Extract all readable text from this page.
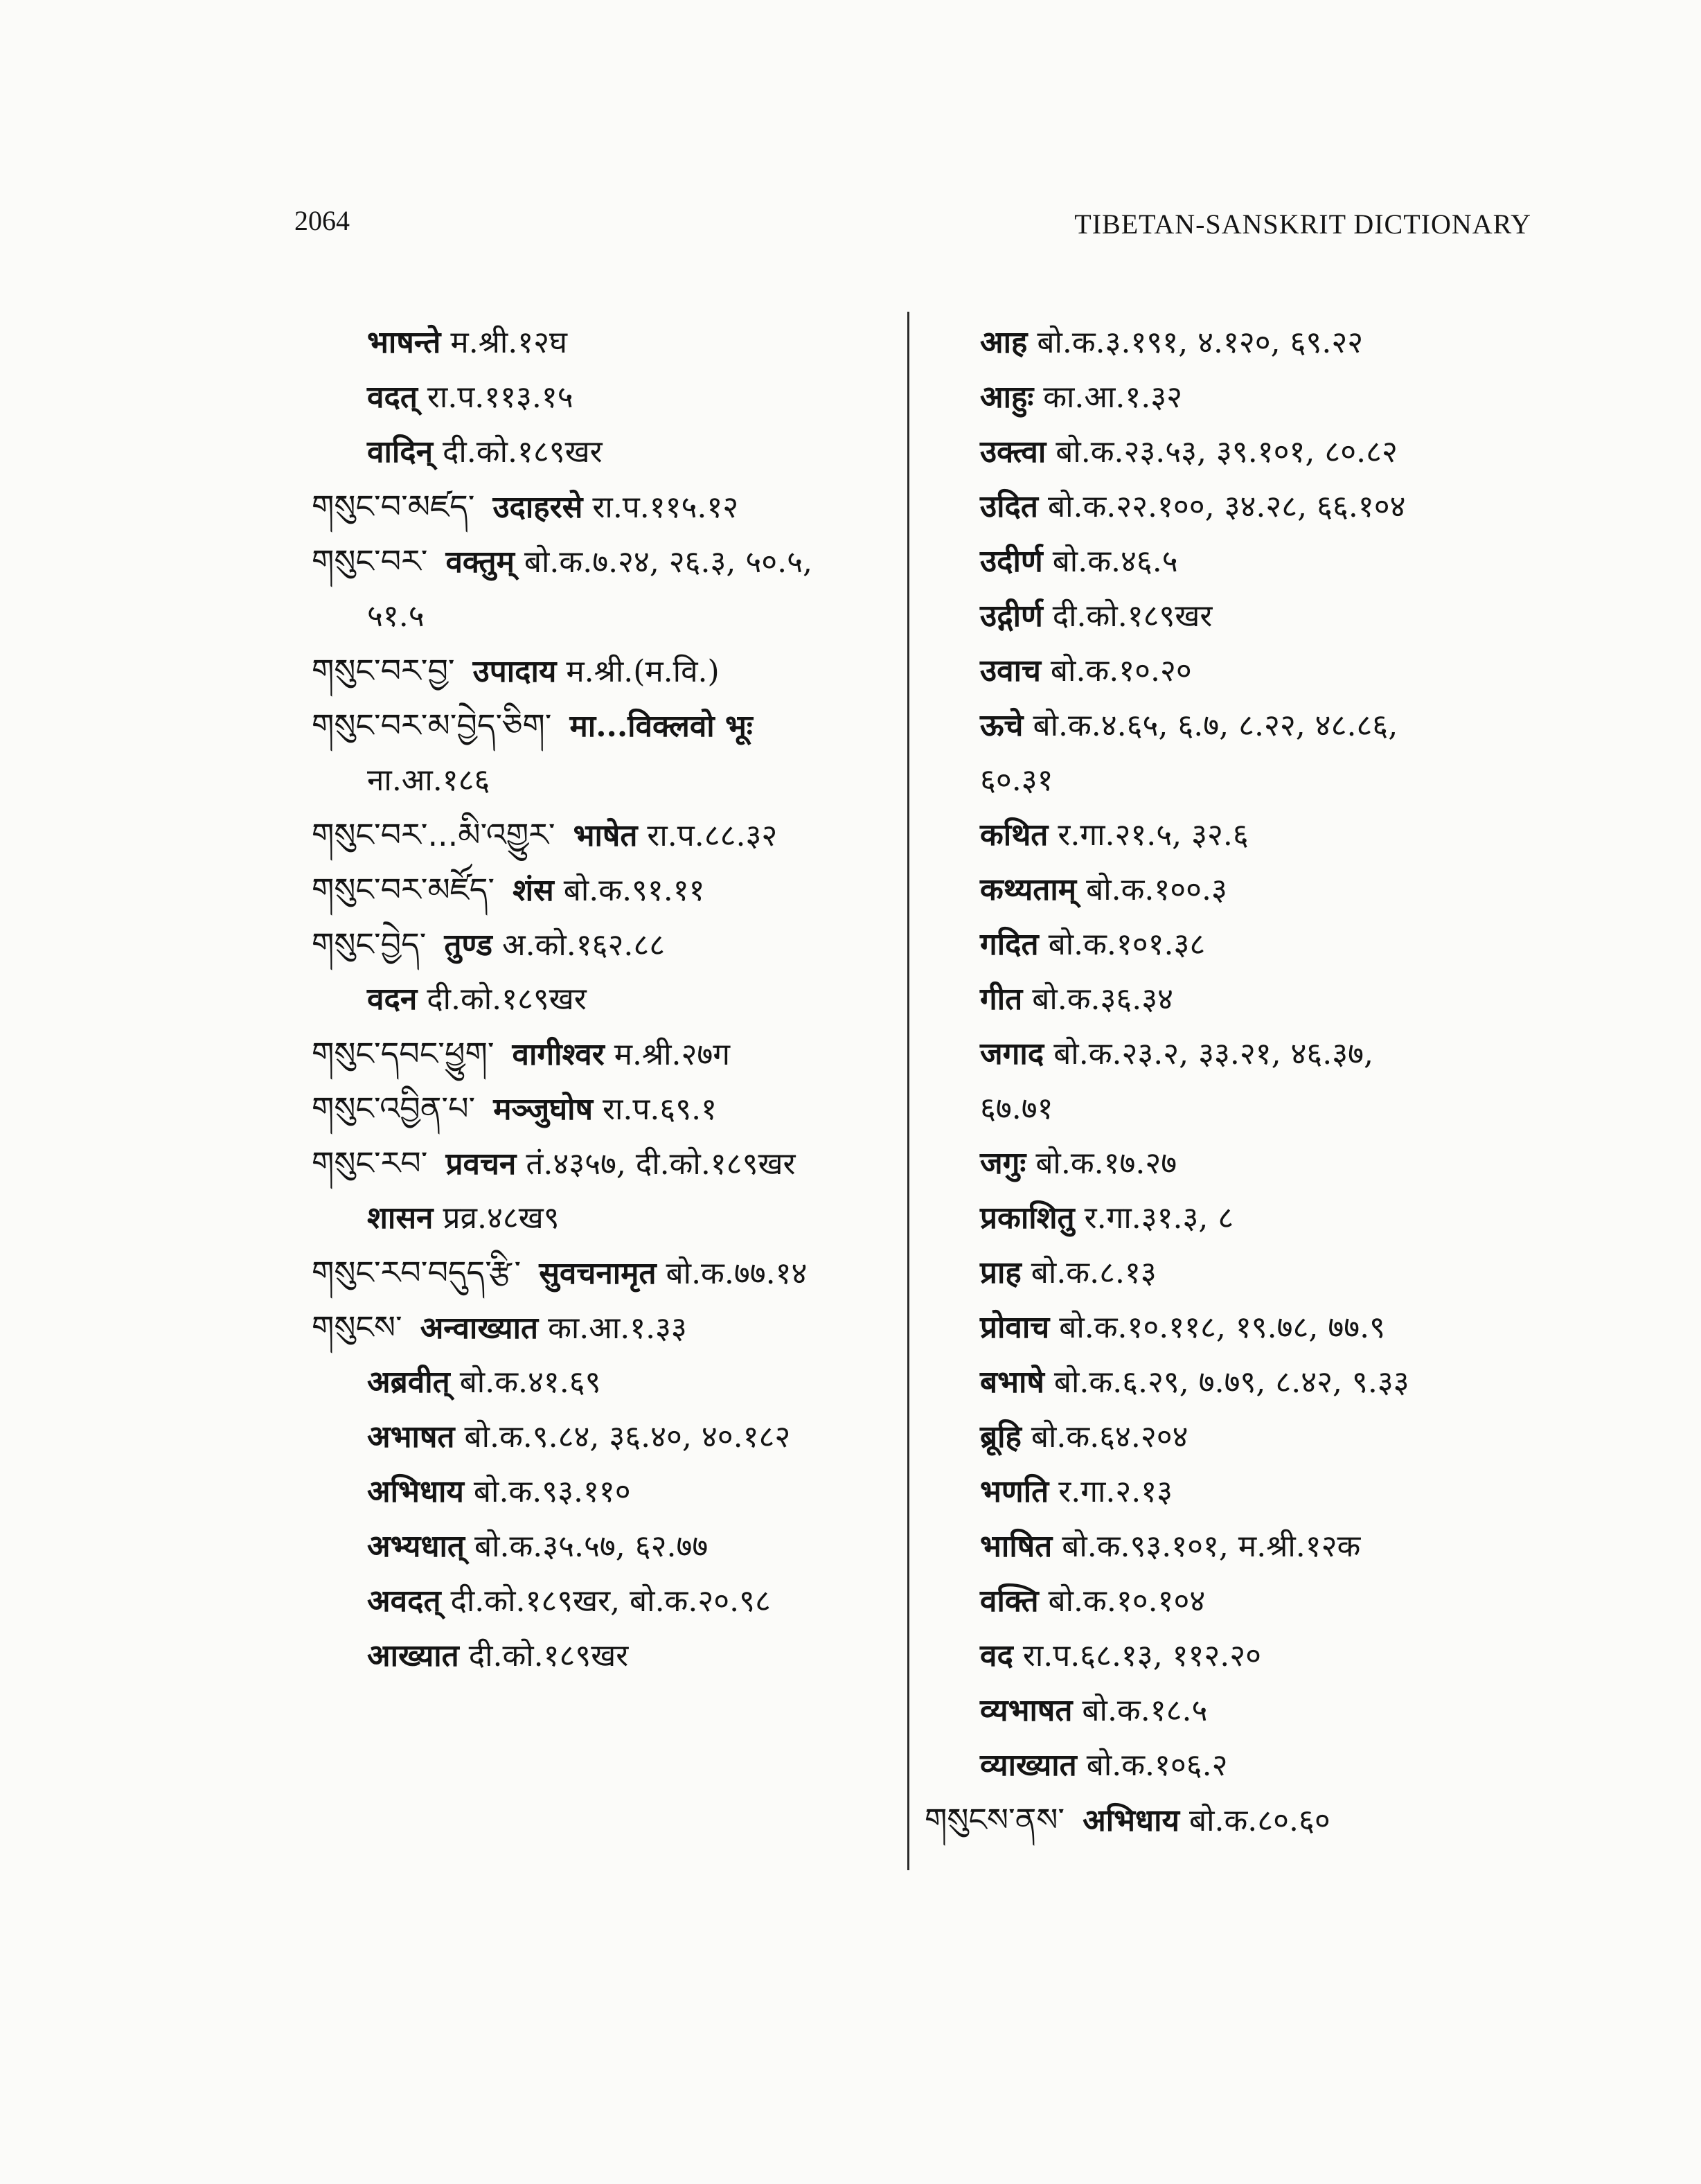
2064	TIBETAN-SANSKRIT DICTIONARY
भाषन्ते म.श्री.१२घ
वदत् रा.प.११३.१५
वादिन् दी.को.१८९खर
གསུང་བ་མཛད་ उदाहरसे रा.प.११५.१२
གསུང་བར་ वक्तुम् बो.क.७.२४, २६.३, ५०.५,
५१.५
གསུང་བར་བྱ་ उपादाय म.श्री.(म.वि.)
གསུང་བར་མ་བྱེད་ཅིག་ मा...विक्लवो भूः
ना.आ.१८६
གསུང་བར་...མི་འགྱུར་ भाषेत रा.प.८८.३२
གསུང་བར་མཛོད་ शंस बो.क.९१.११
གསུང་བྱེད་ तुण्ड अ.को.१६२.८८
वदन दी.को.१८९खर
གསུང་དབང་ཕྱུག་ वागीश्वर म.श्री.२७ग
གསུང་འབྱིན་པ་ मञ्जुघोष रा.प.६९.१
གསུང་རབ་ प्रवचन तं.४३५७, दी.को.१८९खर
शासन प्रव्र.४८ख९
གསུང་རབ་བདུད་རྩི་ सुवचनामृत बो.क.७७.१४
གསུངས་ अन्वाख्यात का.आ.१.३३
अब्रवीत् बो.क.४१.६९
अभाषत बो.क.९.८४, ३६.४०, ४०.१८२
अभिधाय बो.क.९३.११०
अभ्यधात् बो.क.३५.५७, ६२.७७
अवदत् दी.को.१८९खर, बो.क.२०.९८
आख्यात दी.को.१८९खर
आह बो.क.३.१९१, ४.१२०, ६९.२२
आहुः का.आ.१.३२
उक्त्वा बो.क.२३.५३, ३९.१०१, ८०.८२
उदित बो.क.२२.१००, ३४.२८, ६६.१०४
उदीर्ण बो.क.४६.५
उद्गीर्ण दी.को.१८९खर
उवाच बो.क.१०.२०
ऊचे बो.क.४.६५, ६.७, ८.२२, ४८.८६,
६०.३१
कथित र.गा.२१.५, ३२.६
कथ्यताम् बो.क.१००.३
गदित बो.क.१०१.३८
गीत बो.क.३६.३४
जगाद बो.क.२३.२, ३३.२१, ४६.३७,
६७.७१
जगुः बो.क.१७.२७
प्रकाशितु र.गा.३१.३, ८
प्राह बो.क.८.१३
प्रोवाच बो.क.१०.११८, १९.७८, ७७.९
बभाषे बो.क.६.२९, ७.७९, ८.४२, ९.३३
ब्रूहि बो.क.६४.२०४
भणति र.गा.२.१३
भाषित बो.क.९३.१०१, म.श्री.१२क
वक्ति बो.क.१०.१०४
वद रा.प.६८.१३, ११२.२०
व्यभाषत बो.क.१८.५
व्याख्यात बो.क.१०६.२
གསུངས་ནས་ अभिधाय बो.क.८०.६०
